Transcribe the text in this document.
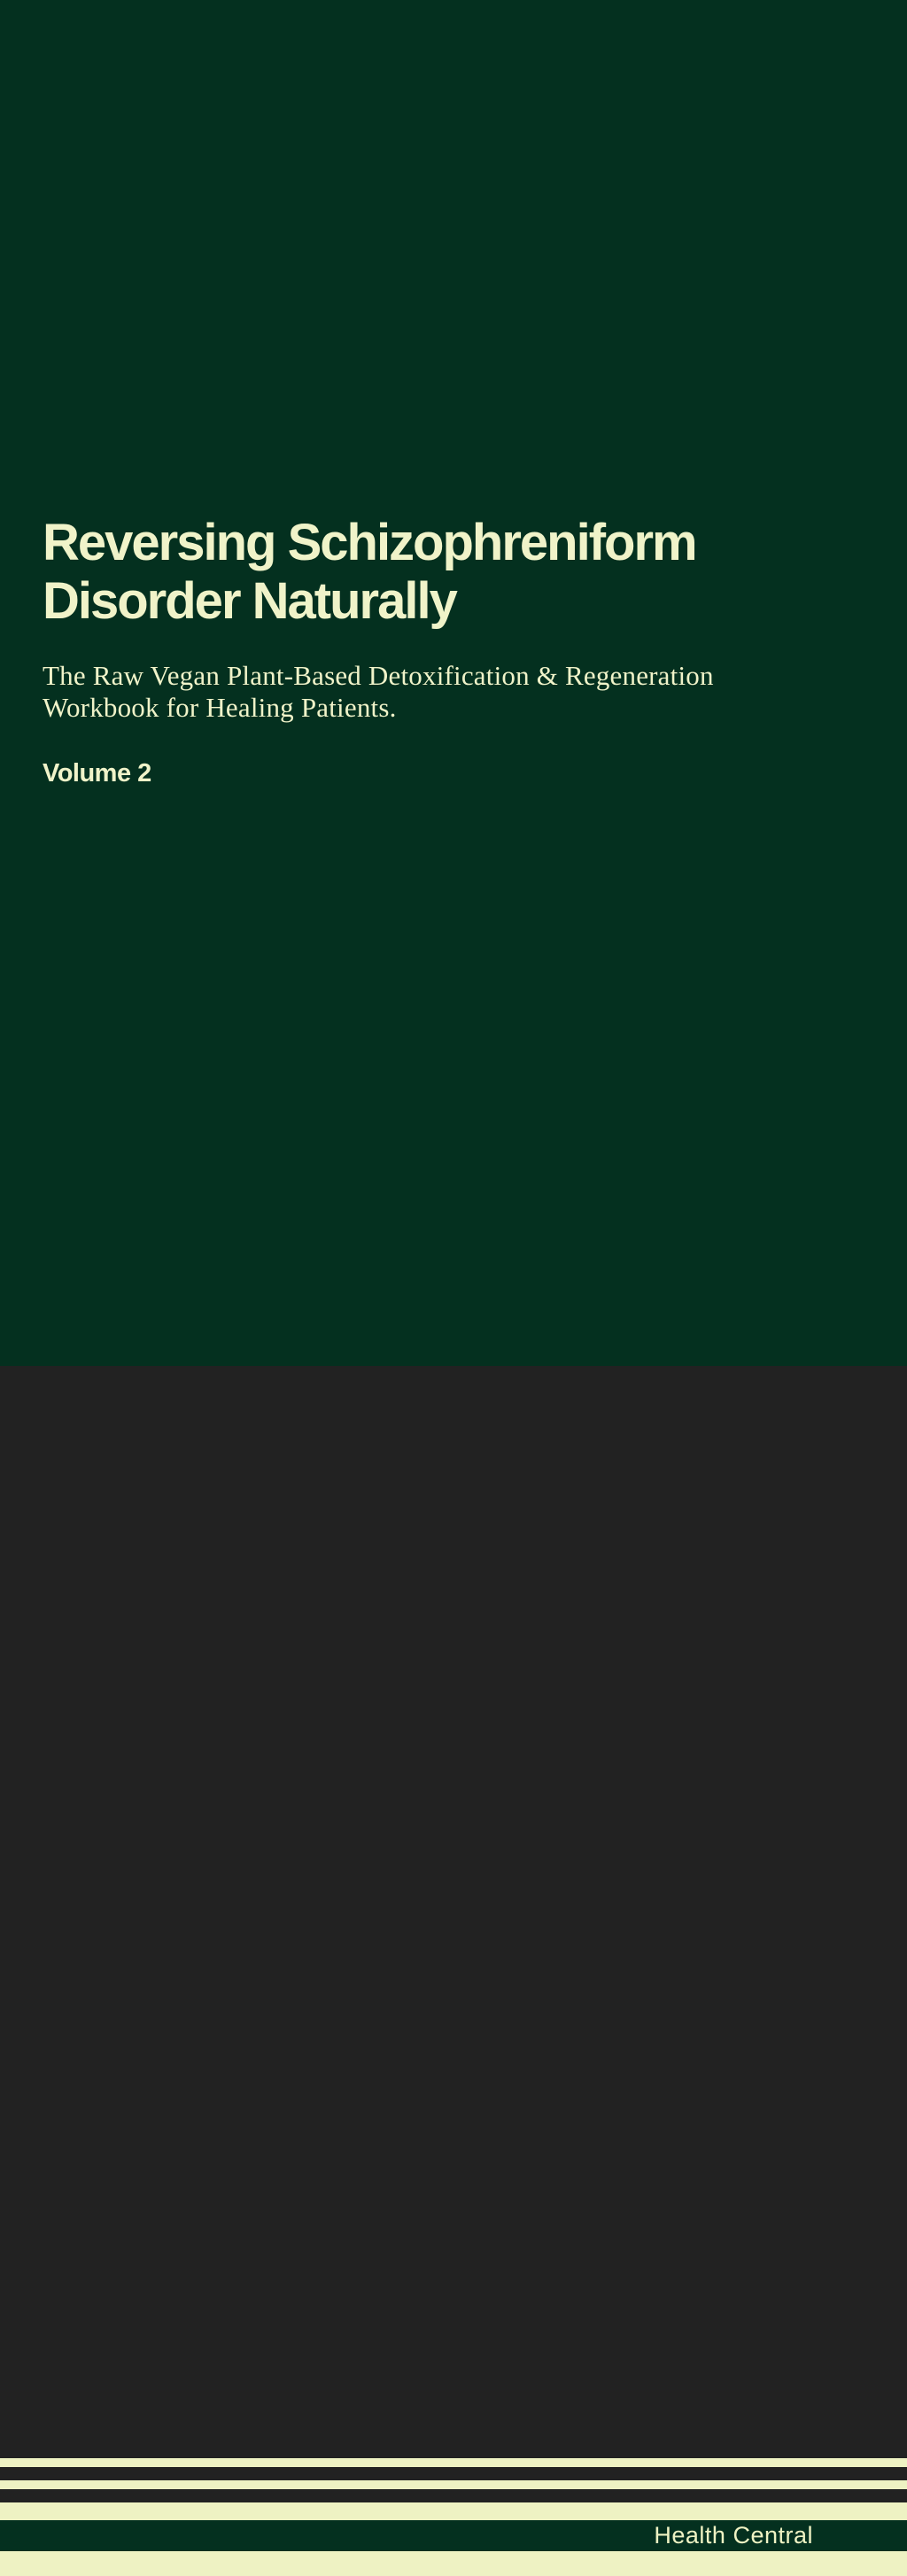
Reversing Schizophreniform
Disorder Naturally

The Raw Vegan Plant-Based Detoxification & Regeneration
Workbook for Healing Patients.

Volume 2
Health Central
